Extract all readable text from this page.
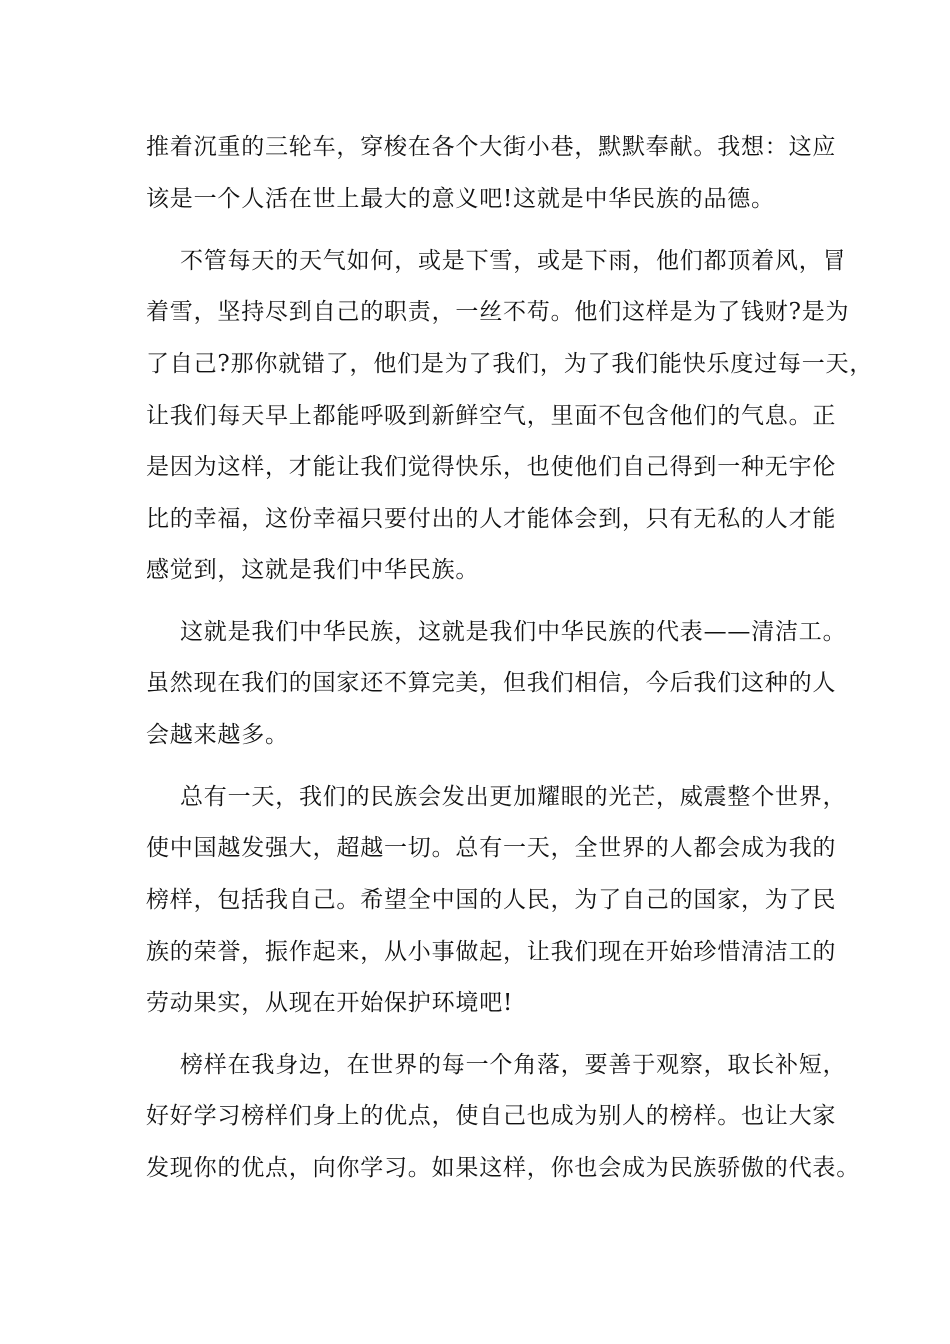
推着沉重的三轮车，穿梭在各个大街小巷，默默奉献。我想：这应
该是一个人活在世上最大的意义吧!这就是中华民族的品德。
不管每天的天气如何，或是下雪，或是下雨，他们都顶着风，冒
着雪，坚持尽到自己的职责，一丝不苟。他们这样是为了钱财?是为
了自己?那你就错了，他们是为了我们，为了我们能快乐度过每一天，
让我们每天早上都能呼吸到新鲜空气，里面不包含他们的气息。正
是因为这样，才能让我们觉得快乐，也使他们自己得到一种无宇伦
比的幸福，这份幸福只要付出的人才能体会到，只有无私的人才能
感觉到，这就是我们中华民族。
这就是我们中华民族，这就是我们中华民族的代表——清洁工。
虽然现在我们的国家还不算完美，但我们相信，今后我们这种的人
会越来越多。
总有一天，我们的民族会发出更加耀眼的光芒，威震整个世界，
使中国越发强大，超越一切。总有一天，全世界的人都会成为我的
榜样，包括我自己。希望全中国的人民，为了自己的国家，为了民
族的荣誉，振作起来，从小事做起，让我们现在开始珍惜清洁工的
劳动果实，从现在开始保护环境吧!
榜样在我身边，在世界的每一个角落，要善于观察，取长补短，
好好学习榜样们身上的优点，使自己也成为别人的榜样。也让大家
发现你的优点，向你学习。如果这样，你也会成为民族骄傲的代表。
